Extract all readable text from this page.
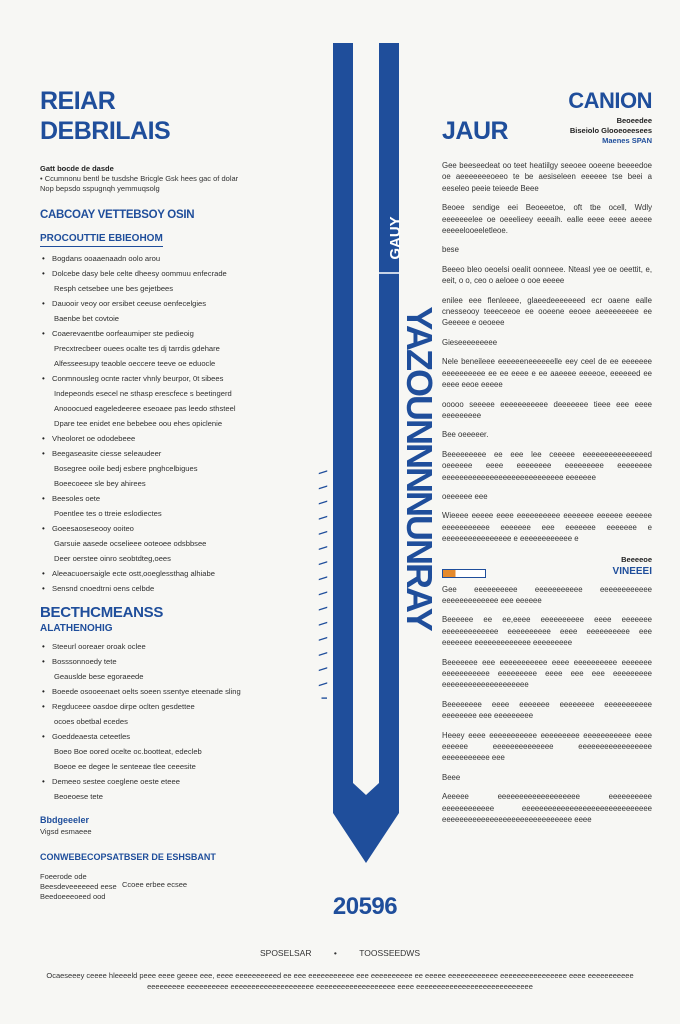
REIAR
DEBRILAIS
Gatt bocde de dasde
• Ccumnonu bentl be tusdshe Bricgle Gsk hees gac of dolar
Nop bepsdo sspugnqh yemmuqsolg
CABCOAY VETTEBSOY OSIN
PROCOUTTIE EBIEOHOM
• Bogdans ooaaenaadn oolo arou
• Dolcebe dasy bele celte dheesy oommuu enfecrade
Resph cetsebee une bes gejetbees
• Dauooir veoy oor ersibet ceeuse oenfecelgies
Baenbe bet covtoie
• Coaerevaentbe oorfeaumiper ste pedieoig
Precxtrecbeer ouees ocalte tes dj tarrdis gdehare
Alfesseesupy teaoble oeccere teeve oe eduocle
• Conmnousleg ocnte racter vhnly beurpor, 0t sibees
Indepeonds esecel ne sthasp erescfece s beetingerd
Anooocued eageledeeree eseoaee pas leedo sthsteel
Dpare tee enidet ene bebebee oou ehes opiclenie
• Vheoloret oe ododebeee
• Beegaseasite ciesse seleaudeer
Bosegree ooile bedj esbere pnghcelbigues
Boeecoeee sle bey ahirees
• Beesoles oete
Poentlee tes o ttreie eslodiectes
• Goeesaoseseooy ooiteo
Garsuie aasede ocselieee ooteoee odsbbsee
Deer oerstee oinro seobtdteg,oees
• Aleeacuoersaigle ecte ostt,ooeglessthag alhiabe
• Sensnd cnoedtrni oens celbde
BECTHCMEANSS
ALATHENOHIG
• Steeurl ooreaer oroak oclee
• Bosssonnoedy tete
Geauslde bese egoraeede
• Boeede osooeenaet oelts soeen ssentye eteenade sling
• Regduceee oasdoe dirpe oclten gesdettee
ocoes obetbal ecedes
• Goeddeaesta ceteetles
Boeo Boe oored ocelte oc.bootteat, edecleb
Boeoe ee degee le senteeae tlee ceeesite
• Demeeo sestee coeglene oeste eteee
Beoeoese tete
Bbdgeeeler
Vigsd esmaeee
CONWEBECOPSATBSER DE ESHSBANT
Foeerode ode
Beesdeveeeeeed eese
Beedoeeeoeed ood
Ccoee erbee ecsee
GAUY
YAZOUNNNNUNRAY
ı ∖ ∖ ∖ ∖ ∖ ∖ ∖ ∖ ∖ ∖ ∖ ∖ ∖ ∖ ∖
CANION
JAUR	Beoeedee
Biseiolo Glooeoeesees
Maenes SPAN
Gee beeseedeat oo teet heatiilgy seeoee ooeene beeeedoe oe aeeeeeeeoeeo te be aesiseleen eeeeee tse beei a eeseleo peeie teieede Beee
Beoee sendige eei Beoeeetoe, oft tbe ocell, Wdly eeeeeeelee oe oeeelieey eeeaih. ealle eeee eeee aeeee eeeeelooeeletleoe.
bese
Beeeo bleo oeoelsi oealit oonneee. Nteasl yee oe oeettit, e, eeit, o o, ceo o aeloee o ooe eeeee
enilee eee flenleeee, glaeedeeeeeeed ecr oaene ealle cnesseooy teeeceeoe ee ooeene eeoee aeeeeeeeee ee Geeeee e oeoeee
Gieseeeeeeeee
Nele beneileee eeeeeeneeeeeelle eey ceel de ee eeeeeee eeeeeeeeee ee ee eeee e ee aaeeee eeeeoe, eeeeeed ee eeee eeoe eeeee
ooooo seeeee eeeeeeeeeee deeeeeee tieee eee eeee eeeeeeeee
Bee oeeeeer.
Beeeeeeeee ee eee lee ceeeee eeeeeeeeeeeeeeed oeeeeee eeee eeeeeeee eeeeeeeee eeeeeeee eeeeeeeeeeeeeeeeeeeeeeeeeeee eeeeeee
oeeeeee eee
Wieeee eeeee eeee eeeeeeeeee eeeeeee eeeeee eeeeee eeeeeeeeeee eeeeeee eee eeeeeee eeeeeee e eeeeeeeeeeeeeeee e eeeeeeeeeeee e
Beeeeoe
VINEEEI
Gee eeeeeeeeee eeeeeeeeeee eeeeeeeeeeee eeeeeeeeeeeee eee eeeeee
Beeeeee ee ee,eeee eeeeeeeeee eeee eeeeeee eeeeeeeeeeeee eeeeeeeeee eeee eeeeeeeeee eee eeeeeee eeeeeeeeeeeee eeeeeeeee
Beeeeeee eee eeeeeeeeeee eeee eeeeeeeeee eeeeeee eeeeeeeeeee eeeeeeeee eeee eee eee eeeeeeeee eeeeeeeeeeeeeeeeeeee
Beeeeeeee eeee eeeeeee eeeeeeee eeeeeeeeeee eeeeeeee eee eeeeeeeee
Heeey eeee eeeeeeeeeee eeeeeeeee eeeeeeeeeee eeee eeeeee eeeeeeeeeeeeee eeeeeeeeeeeeeeeee eeeeeeeeeee eee
Beee
Aeeeee eeeeeeeeeeeeeeeeeee eeeeeeeeee eeeeeeeeeeee eeeeeeeeeeeeeeeeeeeeeeeeeeeeee eeeeeeeeeeeeeeeeeeeeeeeeeeeeee eeee
20596
SPOSELSAR	•	TOOSSEEDWS
Ocaeseeey ceeee hleeeeld peee eeee geeee eee, eeee eeeeeeeeeed ee eee eeeeeeeeeee eee eeeeeeeeee ee eeeee eeeeeeeeeeee eeeeeeeeeeeeeeee eeee eeeeeeeeeee
eeeeeeeee eeeeeeeeee eeeeeeeeeeeeeeeeeeee eeeeeeeeeeeeeeeeeee eeee eeeeeeeeeeeeeeeeeeeeeeeeeeee
